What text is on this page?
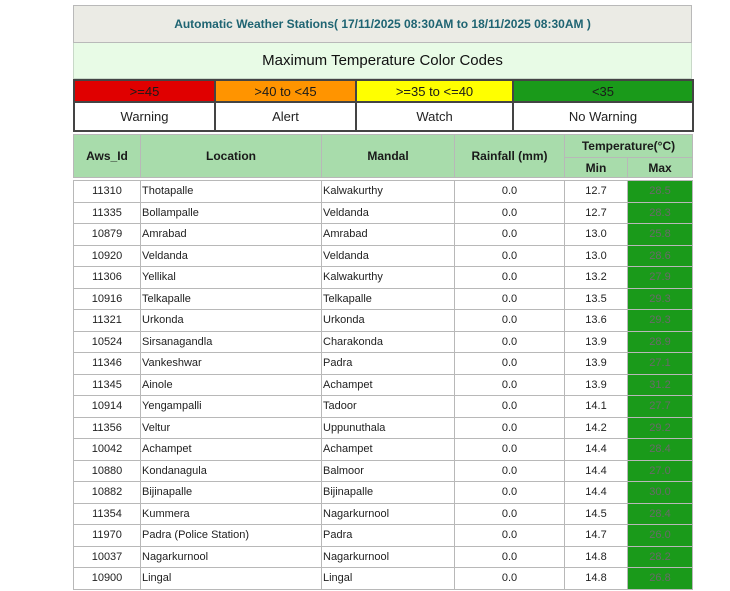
Automatic Weather Stations( 17/11/2025 08:30AM to 18/11/2025 08:30AM )
Maximum Temperature Color Codes
>=45	>40 to <45	>=35 to <=40	<35
Warning	Alert	Watch	No Warning

Aws_Id	Location	Mandal	Rainfall (mm)	Temperature(°C)	
				Min	Max

11310	Thotapalle	Kalwakurthy	0.0	12.7	28.5
11335	Bollampalle	Veldanda	0.0	12.7	28.3
10879	Amrabad	Amrabad	0.0	13.0	25.8
10920	Veldanda	Veldanda	0.0	13.0	28.6
11306	Yellikal	Kalwakurthy	0.0	13.2	27.9
10916	Telkapalle	Telkapalle	0.0	13.5	29.3
11321	Urkonda	Urkonda	0.0	13.6	29.3
10524	Sirsanagandla	Charakonda	0.0	13.9	28.9
11346	Vankeshwar	Padra	0.0	13.9	27.1
11345	Ainole	Achampet	0.0	13.9	31.2
10914	Yengampalli	Tadoor	0.0	14.1	27.7
11356	Veltur	Uppunuthala	0.0	14.2	29.2
10042	Achampet	Achampet	0.0	14.4	28.4
10880	Kondanagula	Balmoor	0.0	14.4	27.0
10882	Bijinapalle	Bijinapalle	0.0	14.4	30.0
11354	Kummera	Nagarkurnool	0.0	14.5	28.4
11970	Padra (Police Station)	Padra	0.0	14.7	26.0
10037	Nagarkurnool	Nagarkurnool	0.0	14.8	28.2
10900	Lingal	Lingal	0.0	14.8	26.8
